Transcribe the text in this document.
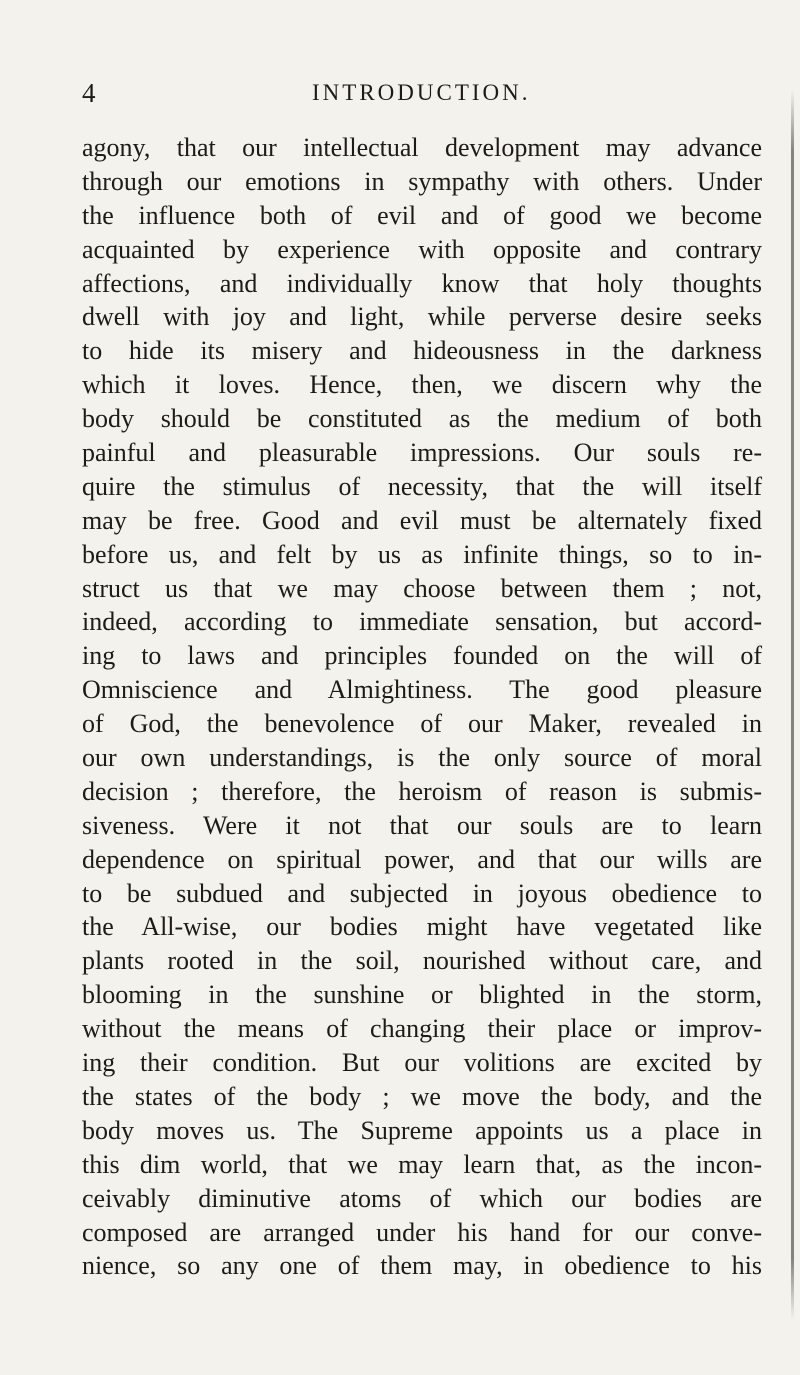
4	INTRODUCTION.
agony, that our intellectual development may advance
through our emotions in sympathy with others. Under
the influence both of evil and of good we become
acquainted by experience with opposite and contrary
affections, and individually know that holy thoughts
dwell with joy and light, while perverse desire seeks
to hide its misery and hideousness in the darkness
which it loves. Hence, then, we discern why the
body should be constituted as the medium of both
painful and pleasurable impressions. Our souls re-
quire the stimulus of necessity, that the will itself
may be free. Good and evil must be alternately fixed
before us, and felt by us as infinite things, so to in-
struct us that we may choose between them ; not,
indeed, according to immediate sensation, but accord-
ing to laws and principles founded on the will of
Omniscience and Almightiness. The good pleasure
of God, the benevolence of our Maker, revealed in
our own understandings, is the only source of moral
decision ; therefore, the heroism of reason is submis-
siveness. Were it not that our souls are to learn
dependence on spiritual power, and that our wills are
to be subdued and subjected in joyous obedience to
the All-wise, our bodies might have vegetated like
plants rooted in the soil, nourished without care, and
blooming in the sunshine or blighted in the storm,
without the means of changing their place or improv-
ing their condition. But our volitions are excited by
the states of the body ; we move the body, and the
body moves us. The Supreme appoints us a place in
this dim world, that we may learn that, as the incon-
ceivably diminutive atoms of which our bodies are
composed are arranged under his hand for our conve-
nience, so any one of them may, in obedience to his
